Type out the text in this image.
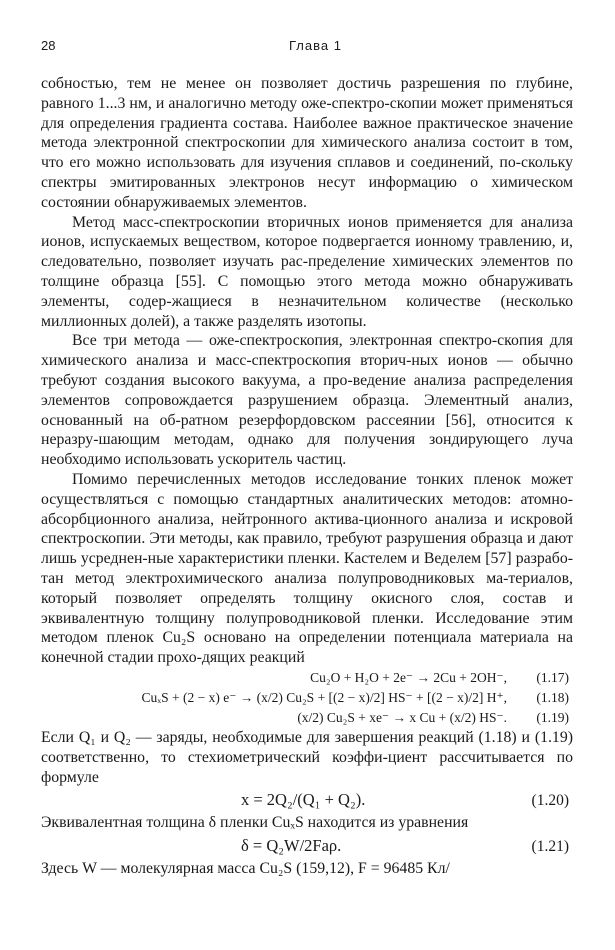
28	Глава 1

собностью, тем не менее он позволяет достичь разрешения по глубине, равного 1...3 нм, и аналогично методу оже-спектро-скопии может применяться для определения градиента состава. Наиболее важное практическое значение метода электронной спектроскопии для химического анализа состоит в том, что его можно использовать для изучения сплавов и соединений, по-скольку спектры эмитированных электронов несут информацию о химическом состоянии обнаруживаемых элементов.

Метод масс-спектроскопии вторичных ионов применяется для анализа ионов, испускаемых веществом, которое подвергается ионному травлению, и, следовательно, позволяет изучать рас-пределение химических элементов по толщине образца [55]. С помощью этого метода можно обнаруживать элементы, содер-жащиеся в незначительном количестве (несколько миллионных долей), а также разделять изотопы.

Все три метода — оже-спектроскопия, электронная спектро-скопия для химического анализа и масс-спектроскопия вторич-ных ионов — обычно требуют создания высокого вакуума, а про-ведение анализа распределения элементов сопровождается разрушением образца. Элементный анализ, основанный на об-ратном резерфордовском рассеянии [56], относится к неразру-шающим методам, однако для получения зондирующего луча необходимо использовать ускоритель частиц.

Помимо перечисленных методов исследование тонких пленок может осуществляться с помощью стандартных аналитических методов: атомно-абсорбционного анализа, нейтронного актива-ционного анализа и искровой спектроскопии. Эти методы, как правило, требуют разрушения образца и дают лишь усреднен-ные характеристики пленки. Кастелем и Веделем [57] разрабо-тан метод электрохимического анализа полупроводниковых ма-териалов, который позволяет определять толщину окисного слоя, состав и эквивалентную толщину полупроводниковой пленки. Исследование этим методом пленок Cu₂S основано на определении потенциала материала на конечной стадии прохо-дящих реакций

Cu₂O + H₂O + 2e⁻ → 2Cu + 2OH⁻,	(1.17)
CuₓS + (2 − x) e⁻ → (x/2) Cu₂S + [(2 − x)/2] HS⁻ + [(2 − x)/2] H⁺,	(1.18)
(x/2) Cu₂S + xe⁻ → x Cu + (x/2) HS⁻.	(1.19)

Если Q₁ и Q₂ — заряды, необходимые для завершения реакций (1.18) и (1.19) соответственно, то стехиометрический коэффи-циент рассчитывается по формуле

x = 2Q₂/(Q₁ + Q₂).	(1.20)

Эквивалентная толщина δ пленки CuₓS находится из уравнения

δ = Q₂W/2Faρ.	(1.21)

Здесь W — молекулярная масса Cu₂S (159,12), F = 96485 Кл/
